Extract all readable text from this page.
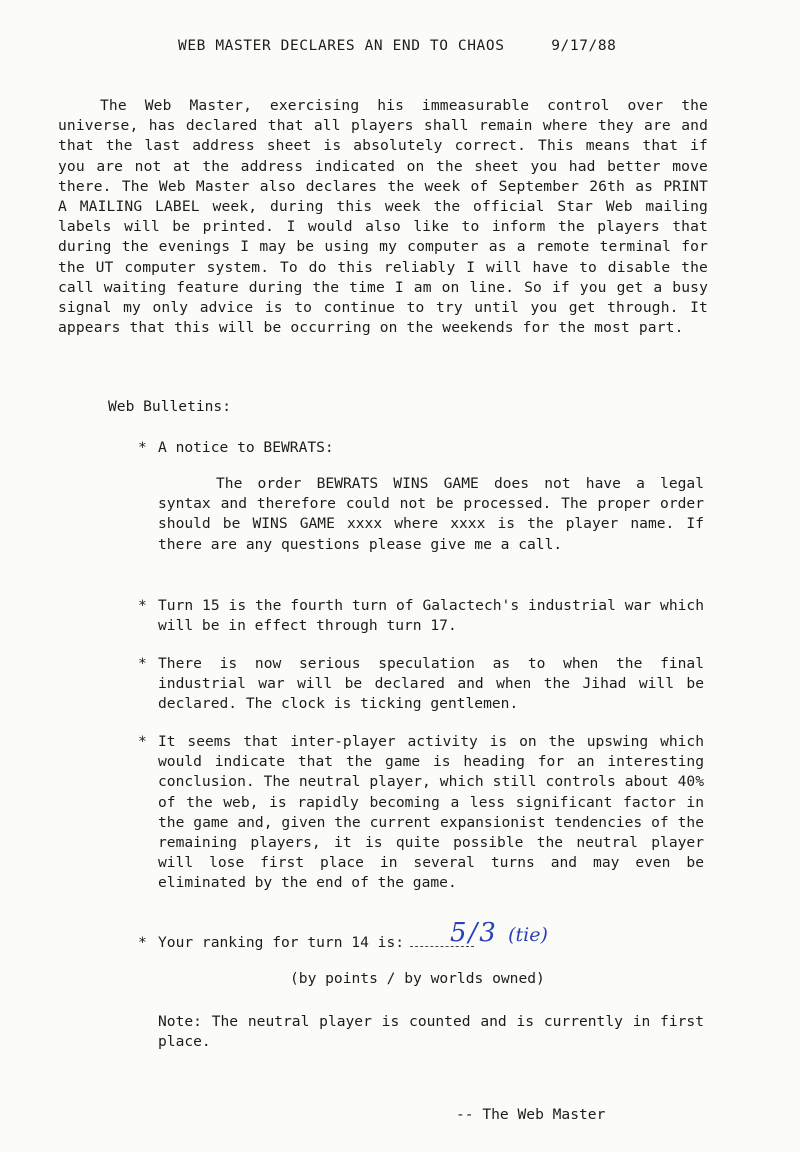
WEB MASTER DECLARES AN END TO CHAOS	9/17/88

The Web Master, exercising his immeasurable control over the universe, has declared that all players shall remain where they are and that the last address sheet is absolutely correct. This means that if you are not at the address indicated on the sheet you had better move there. The Web Master also declares the week of September 26th as PRINT A MAILING LABEL week, during this week the official Star Web mailing labels will be printed. I would also like to inform the players that during the evenings I may be using my computer as a remote terminal for the UT computer system. To do this reliably I will have to disable the call waiting feature during the time I am on line. So if you get a busy signal my only advice is to continue to try until you get through. It appears that this will be occurring on the weekends for the most part.

Web Bulletins:
* A notice to BEWRATS:

The order BEWRATS WINS GAME does not have a legal syntax and therefore could not be processed. The proper order should be WINS GAME xxxx where xxxx is the player name. If there are any questions please give me a call.

* Turn 15 is the fourth turn of Galactech's industrial war which will be in effect through turn 17.
* There is now serious speculation as to when the final industrial war will be declared and when the Jihad will be declared. The clock is ticking gentlemen.
* It seems that inter-player activity is on the upswing which would indicate that the game is heading for an interesting conclusion. The neutral player, which still controls about 40% of the web, is rapidly becoming a less significant factor in the game and, given the current expansionist tendencies of the remaining players, it is quite possible the neutral player will lose first place in several turns and may even be eliminated by the end of the game.
* Your ranking for turn 14 is: 5/3 (tie)
(by points / by worlds owned)

Note: The neutral player is counted and is currently in first place.

-- The Web Master
